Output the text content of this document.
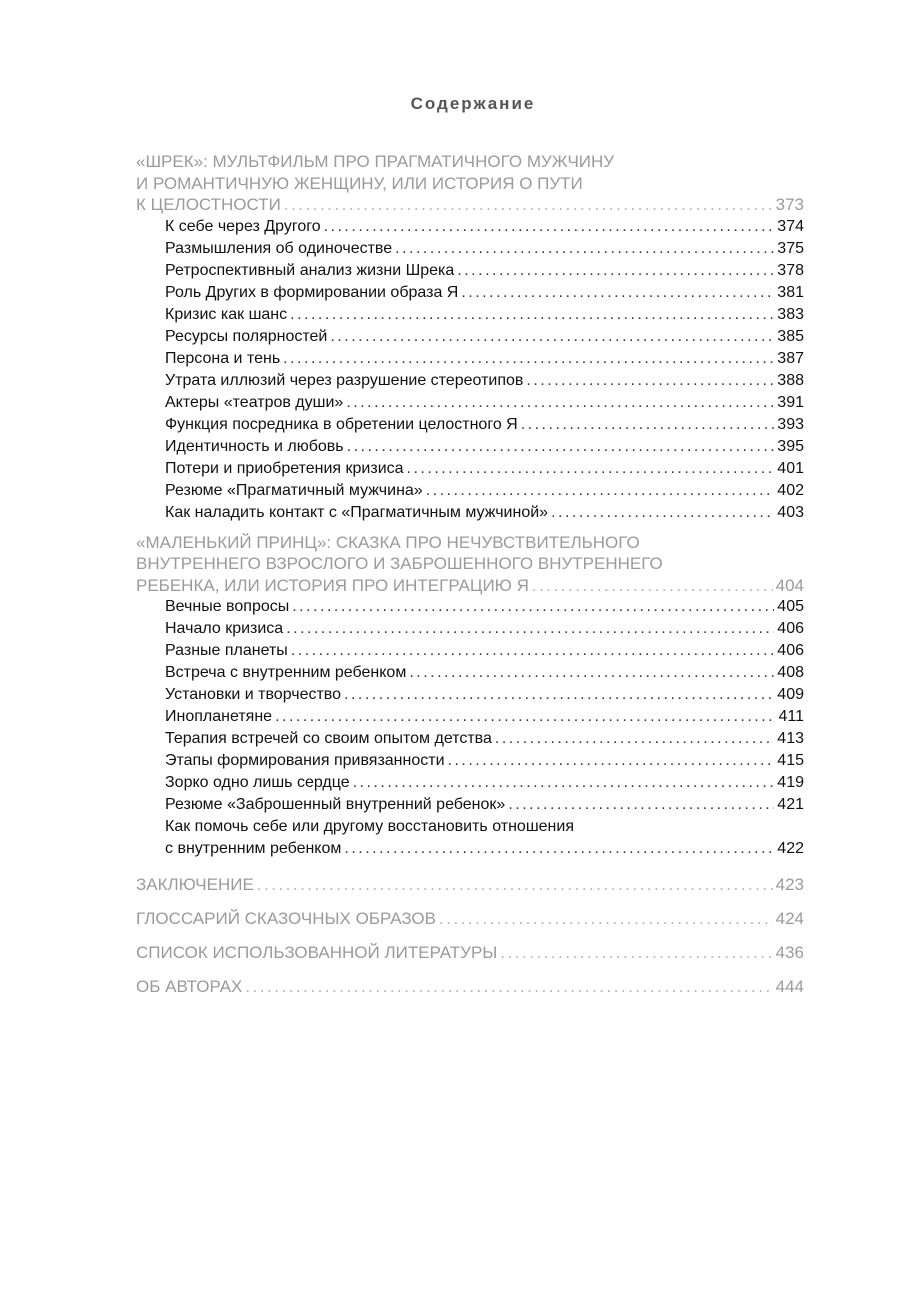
Содержание
«ШРЕК»: МУЛЬТФИЛЬМ ПРО ПРАГМАТИЧНОГО МУЖЧИНУ
И РОМАНТИЧНУЮ ЖЕНЩИНУ, ИЛИ ИСТОРИЯ О ПУТИ
К ЦЕЛОСТНОСТИ .....	373
К себе через Другого .....	374
Размышления об одиночестве .....	375
Ретроспективный анализ жизни Шрека .....	378
Роль Других в формировании образа Я .....	381
Кризис как шанс .....	383
Ресурсы полярностей .....	385
Персона и тень .....	387
Утрата иллюзий через разрушение стереотипов .....	388
Актеры «театров души» .....	391
Функция посредника в обретении целостного Я .....	393
Идентичность и любовь .....	395
Потери и приобретения кризиса .....	401
Резюме «Прагматичный мужчина» .....	402
Как наладить контакт с «Прагматичным мужчиной» .....	403
«МАЛЕНЬКИЙ ПРИНЦ»: СКАЗКА ПРО НЕЧУВСТВИТЕЛЬНОГО
ВНУТРЕННЕГО ВЗРОСЛОГО И ЗАБРОШЕННОГО ВНУТРЕННЕГО
РЕБЕНКА, ИЛИ ИСТОРИЯ ПРО ИНТЕГРАЦИЮ Я .....	404
Вечные вопросы .....	405
Начало кризиса .....	406
Разные планеты .....	406
Встреча с внутренним ребенком .....	408
Установки и творчество .....	409
Инопланетяне .....	411
Терапия встречей со своим опытом детства .....	413
Этапы формирования привязанности .....	415
Зорко одно лишь сердце .....	419
Резюме «Заброшенный внутренний ребенок» .....	421
Как помочь себе или другому восстановить отношения
с внутренним ребенком .....	422
ЗАКЛЮЧЕНИЕ .....	423
ГЛОССАРИЙ СКАЗОЧНЫХ ОБРАЗОВ .....	424
СПИСОК ИСПОЛЬЗОВАННОЙ ЛИТЕРАТУРЫ .....	436
ОБ АВТОРАХ .....	444
